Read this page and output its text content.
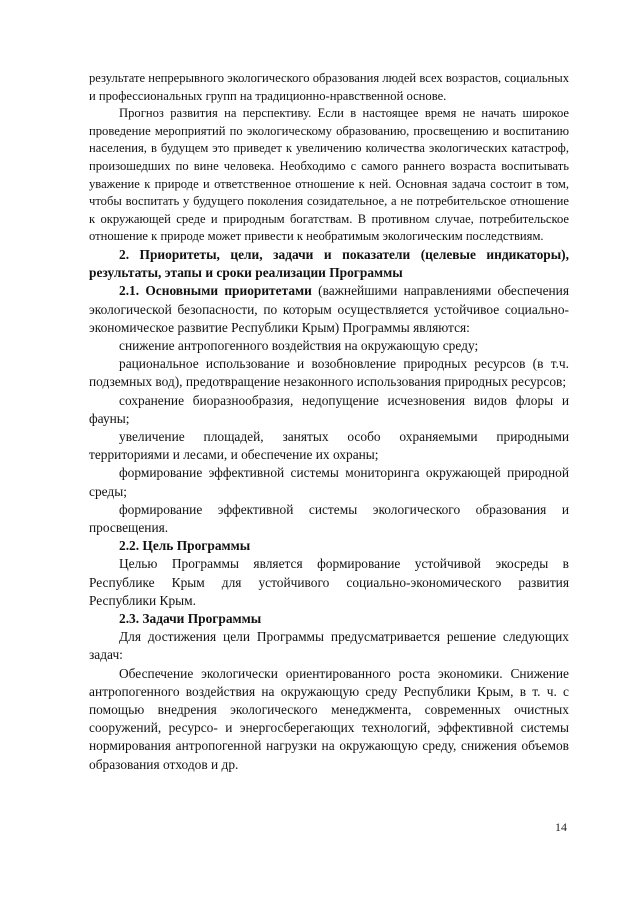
результате непрерывного экологического образования людей всех возрастов, социальных и профессиональных групп на традиционно-нравственной основе.

Прогноз развития на перспективу. Если в настоящее время не начать широкое проведение мероприятий по экологическому образованию, просвещению и воспитанию населения, в будущем это приведет к увеличению количества экологических катастроф, произошедших по вине человека. Необходимо с самого раннего возраста воспитывать уважение к природе и ответственное отношение к ней. Основная задача состоит в том, чтобы воспитать у будущего поколения созидательное, а не потребительское отношение к окружающей среде и природным богатствам. В противном случае, потребительское отношение к природе может привести к необратимым экологическим последствиям.

2. Приоритеты, цели, задачи и показатели (целевые индикаторы), результаты, этапы и сроки реализации Программы

2.1. Основными приоритетами (важнейшими направлениями обеспечения экологической безопасности, по которым осуществляется устойчивое социально-экономическое развитие Республики Крым) Программы являются:

снижение антропогенного воздействия на окружающую среду;

рациональное использование и возобновление природных ресурсов (в т.ч. подземных вод), предотвращение незаконного использования природных ресурсов;

сохранение биоразнообразия, недопущение исчезновения видов флоры и фауны;

увеличение площадей, занятых особо охраняемыми природными территориями и лесами, и обеспечение их охраны;

формирование эффективной системы мониторинга окружающей природной среды;

формирование эффективной системы экологического образования и просвещения.

2.2. Цель Программы

Целью Программы является формирование устойчивой экосреды в Республике Крым для устойчивого социально-экономического развития Республики Крым.

2.3. Задачи Программы

Для достижения цели Программы предусматривается решение следующих задач:

Обеспечение экологически ориентированного роста экономики. Снижение антропогенного воздействия на окружающую среду Республики Крым, в т. ч. с помощью внедрения экологического менеджмента, современных очистных сооружений, ресурсо- и энергосберегающих технологий, эффективной системы нормирования антропогенной нагрузки на окружающую среду, снижения объемов образования отходов и др.

14
